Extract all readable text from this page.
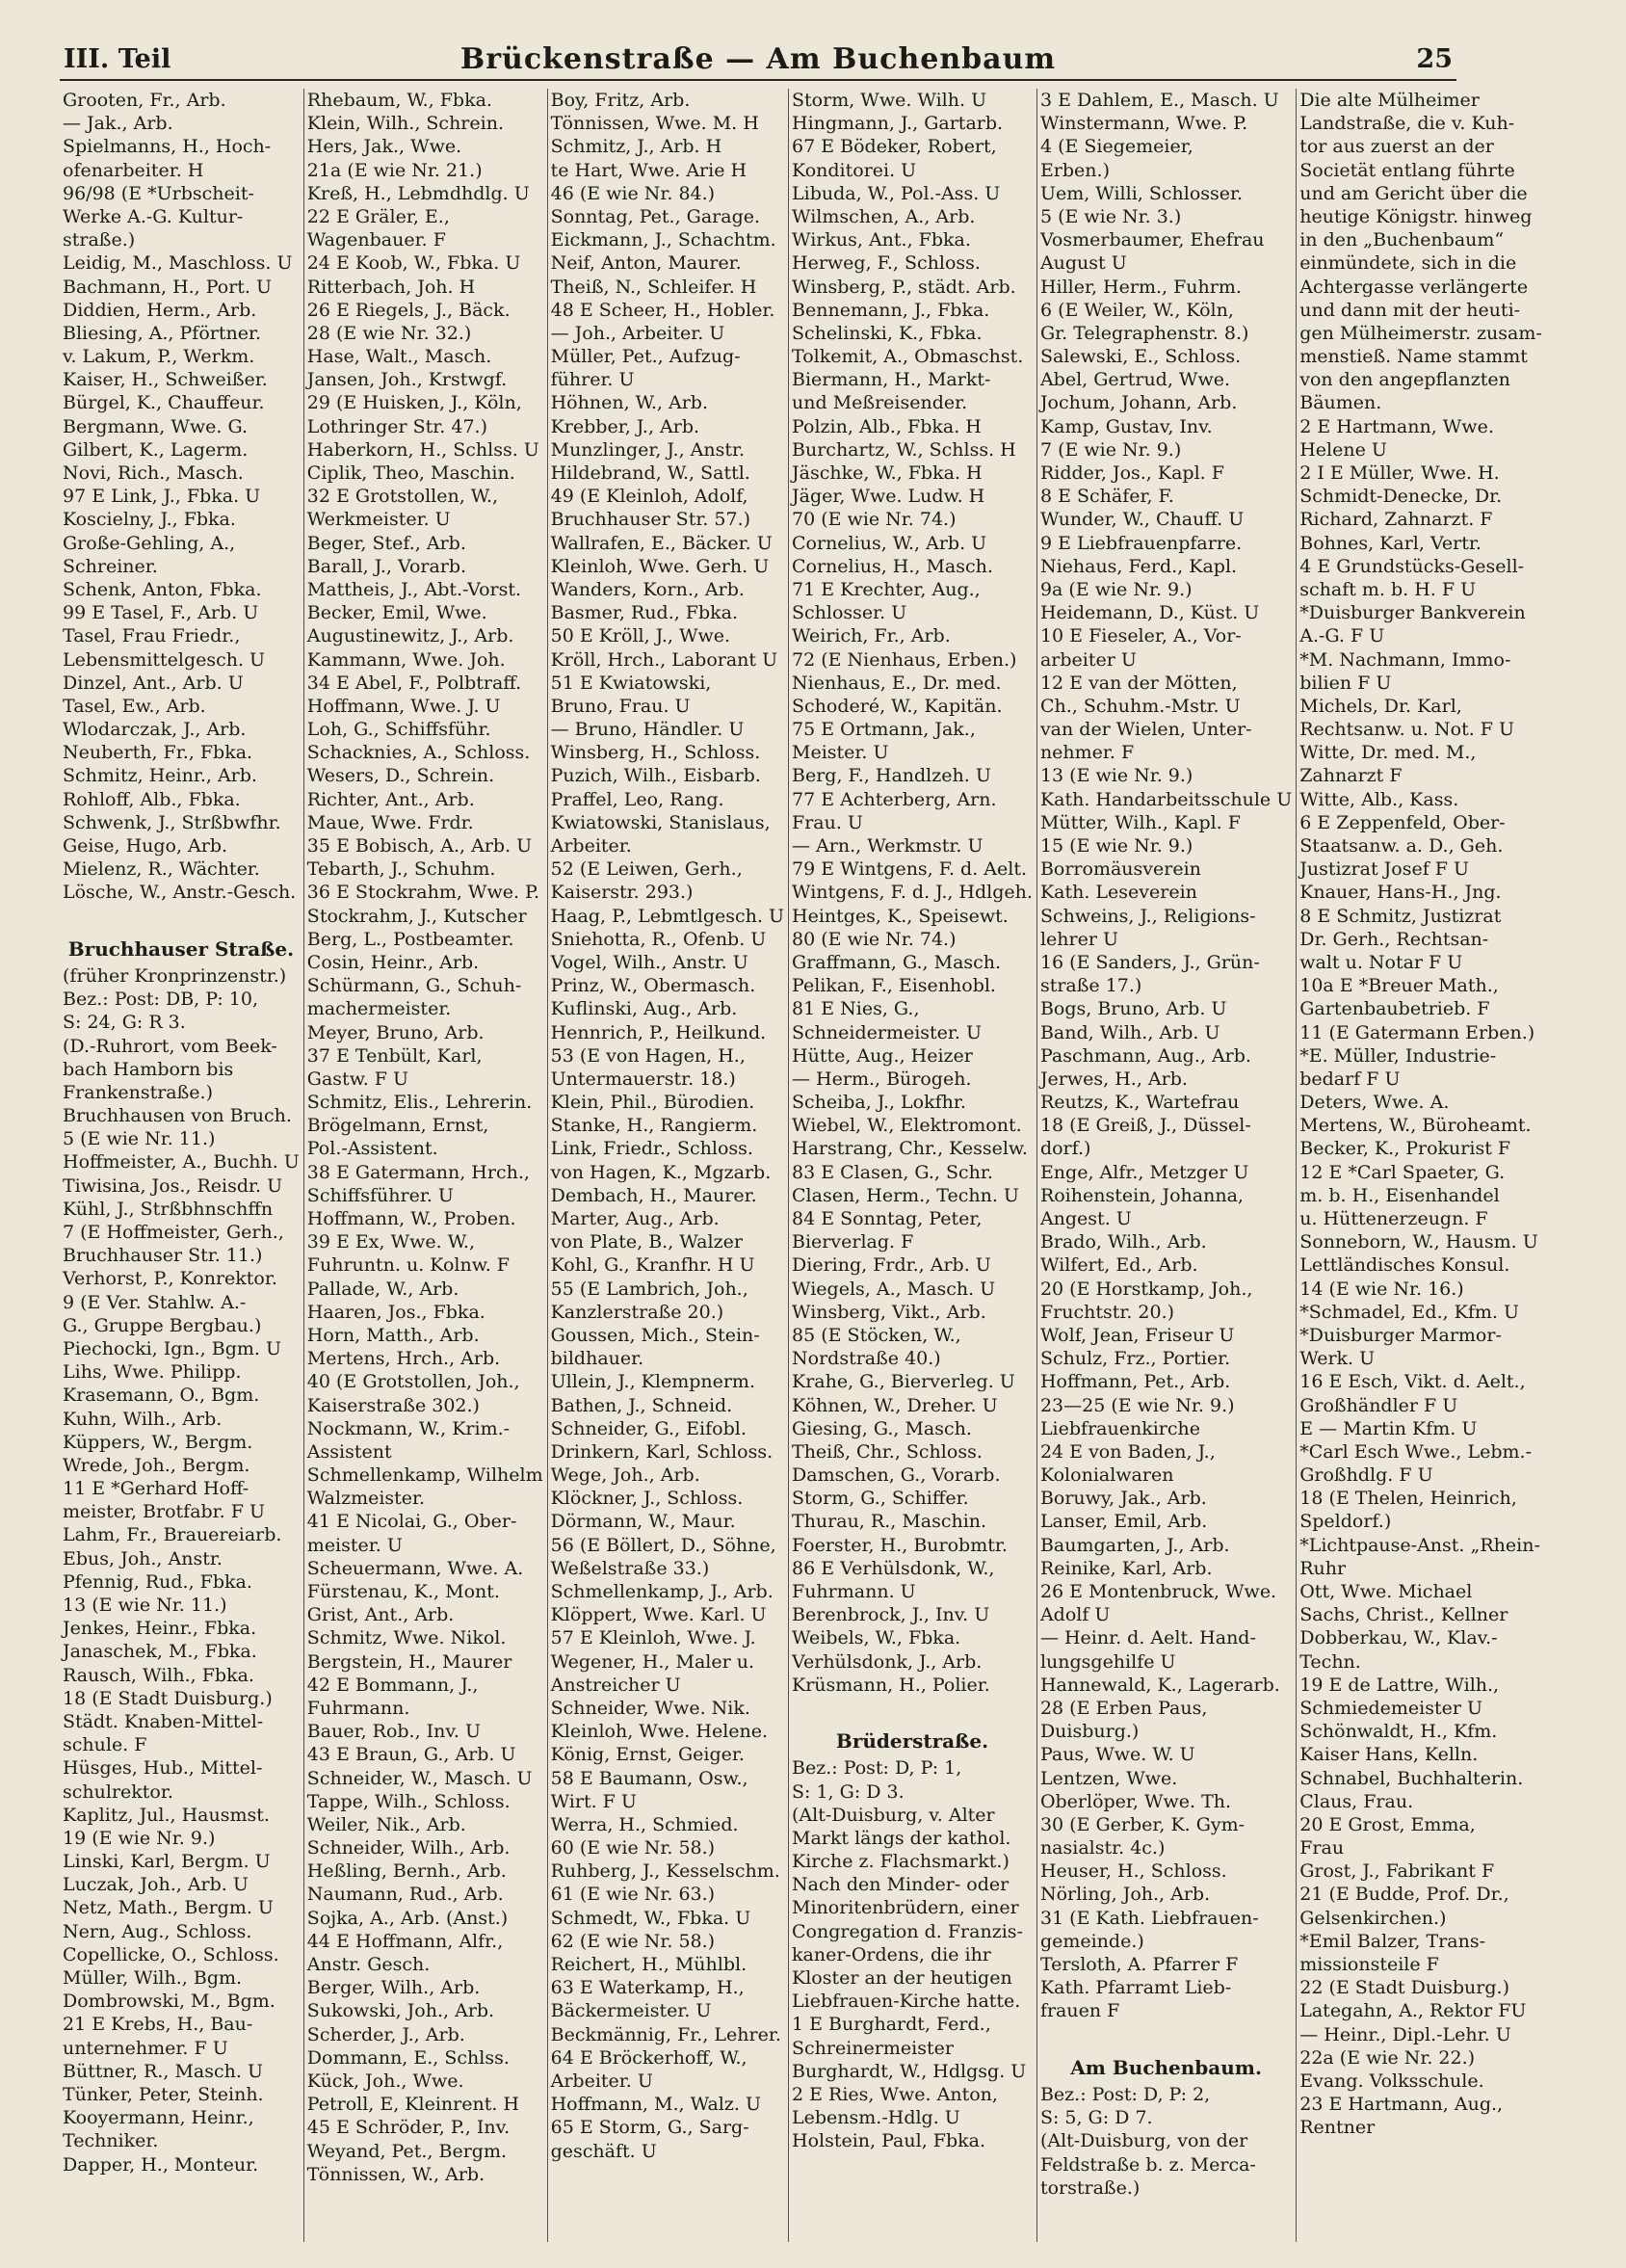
III. Teil	Brückenstraße — Am Buchenbaum	25
Grooten, Fr., Arb.
— Jak., Arb.
Spielmanns, H., Hoch-
ofenarbeiter. H
96/98 (E *Urbscheit-
Werke A.-G. Kultur-
straße.)
Leidig, M., Maschloss. U
Bachmann, H., Port. U
Diddien, Herm., Arb.
Bliesing, A., Pförtner.
v. Lakum, P., Werkm.
Kaiser, H., Schweißer.
Bürgel, K., Chauffeur.
Bergmann, Wwe. G.
Gilbert, K., Lagerm.
Novi, Rich., Masch.
97 E Link, J., Fbka. U
Koscielny, J., Fbka.
Große-Gehling, A.,
Schreiner.
Schenk, Anton, Fbka.
99 E Tasel, F., Arb. U
Tasel, Frau Friedr.,
Lebensmittelgesch. U
Dinzel, Ant., Arb. U
Tasel, Ew., Arb.
Wlodarczak, J., Arb.
Neuberth, Fr., Fbka.
Schmitz, Heinr., Arb.
Rohloff, Alb., Fbka.
Schwenk, J., Strßbwfhr.
Geise, Hugo, Arb.
Mielenz, R., Wächter.
Lösche, W., Anstr.-Gesch.
Bruchhauser Straße.
(früher Kronprinzenstr.)
Bez.: Post: DB, P: 10,
S: 24, G: R 3.
(D.-Ruhrort, vom Beek-
bach Hamborn bis
Frankenstraße.)
Bruchhausen von Bruch.
5 (E wie Nr. 11.)
Hoffmeister, A., Buchh. U
Tiwisina, Jos., Reisdr. U
Kühl, J., Strßbhnschffn
7 (E Hoffmeister, Gerh.,
Bruchhauser Str. 11.)
Verhorst, P., Konrektor.
9 (E Ver. Stahlw. A.-
G., Gruppe Bergbau.)
Piechocki, Ign., Bgm. U
Lihs, Wwe. Philipp.
Krasemann, O., Bgm.
Kuhn, Wilh., Arb.
Küppers, W., Bergm.
Wrede, Joh., Bergm.
11 E *Gerhard Hoff-
meister, Brotfabr. F U
Lahm, Fr., Brauereiarb.
Ebus, Joh., Anstr.
Pfennig, Rud., Fbka.
13 (E wie Nr. 11.)
Jenkes, Heinr., Fbka.
Janaschek, M., Fbka.
Rausch, Wilh., Fbka.
18 (E Stadt Duisburg.)
Städt. Knaben-Mittel-
schule. F
Hüsges, Hub., Mittel-
schulrektor.
Kaplitz, Jul., Hausmst.
19 (E wie Nr. 9.)
Linski, Karl, Bergm. U
Luczak, Joh., Arb. U
Netz, Math., Bergm. U
Nern, Aug., Schloss.
Copellicke, O., Schloss.
Müller, Wilh., Bgm.
Dombrowski, M., Bgm.
21 E Krebs, H., Bau-
unternehmer. F U
Büttner, R., Masch. U
Tünker, Peter, Steinh.
Kooyermann, Heinr.,
Techniker.
Dapper, H., Monteur.
Rhebaum, W., Fbka.
Klein, Wilh., Schrein.
Hers, Jak., Wwe.
21a (E wie Nr. 21.)
Kreß, H., Lebmdhdlg. U
22 E Gräler, E.,
Wagenbauer. F
24 E Koob, W., Fbka. U
Ritterbach, Joh. H
26 E Riegels, J., Bäck.
28 (E wie Nr. 32.)
Hase, Walt., Masch.
Jansen, Joh., Krstwgf.
29 (E Huisken, J., Köln,
Lothringer Str. 47.)
Haberkorn, H., Schlss. U
Ciplik, Theo, Maschin.
32 E Grotstollen, W.,
Werkmeister. U
Beger, Stef., Arb.
Barall, J., Vorarb.
Mattheis, J., Abt.-Vorst.
Becker, Emil, Wwe.
Augustinewitz, J., Arb.
Kammann, Wwe. Joh.
34 E Abel, F., Polbtraff.
Hoffmann, Wwe. J. U
Loh, G., Schiffsführ.
Schacknies, A., Schloss.
Wesers, D., Schrein.
Richter, Ant., Arb.
Maue, Wwe. Frdr.
35 E Bobisch, A., Arb. U
Tebarth, J., Schuhm.
36 E Stockrahm, Wwe. P.
Stockrahm, J., Kutscher
Berg, L., Postbeamter.
Cosin, Heinr., Arb.
Schürmann, G., Schuh-
machermeister.
Meyer, Bruno, Arb.
37 E Tenbült, Karl,
Gastw. F U
Schmitz, Elis., Lehrerin.
Brögelmann, Ernst,
Pol.-Assistent.
38 E Gatermann, Hrch.,
Schiffsführer. U
Hoffmann, W., Proben.
39 E Ex, Wwe. W.,
Fuhruntn. u. Kolnw. F
Pallade, W., Arb.
Haaren, Jos., Fbka.
Horn, Matth., Arb.
Mertens, Hrch., Arb.
40 (E Grotstollen, Joh.,
Kaiserstraße 302.)
Nockmann, W., Krim.-
Assistent
Schmellenkamp, Wilhelm
Walzmeister.
41 E Nicolai, G., Ober-
meister. U
Scheuermann, Wwe. A.
Fürstenau, K., Mont.
Grist, Ant., Arb.
Schmitz, Wwe. Nikol.
Bergstein, H., Maurer
42 E Bommann, J.,
Fuhrmann.
Bauer, Rob., Inv. U
43 E Braun, G., Arb. U
Schneider, W., Masch. U
Tappe, Wilh., Schloss.
Weiler, Nik., Arb.
Schneider, Wilh., Arb.
Heßling, Bernh., Arb.
Naumann, Rud., Arb.
Sojka, A., Arb. (Anst.)
44 E Hoffmann, Alfr.,
Anstr. Gesch.
Berger, Wilh., Arb.
Sukowski, Joh., Arb.
Scherder, J., Arb.
Dommann, E., Schlss.
Kück, Joh., Wwe.
Petroll, E, Kleinrent. H
45 E Schröder, P., Inv.
Weyand, Pet., Bergm.
Tönnissen, W., Arb.
Boy, Fritz, Arb.
Tönnissen, Wwe. M. H
Schmitz, J., Arb. H
te Hart, Wwe. Arie H
46 (E wie Nr. 84.)
Sonntag, Pet., Garage.
Eickmann, J., Schachtm.
Neif, Anton, Maurer.
Theiß, N., Schleifer. H
48 E Scheer, H., Hobler.
— Joh., Arbeiter. U
Müller, Pet., Aufzug-
führer. U
Höhnen, W., Arb.
Krebber, J., Arb.
Munzlinger, J., Anstr.
Hildebrand, W., Sattl.
49 (E Kleinloh, Adolf,
Bruchhauser Str. 57.)
Wallrafen, E., Bäcker. U
Kleinloh, Wwe. Gerh. U
Wanders, Korn., Arb.
Basmer, Rud., Fbka.
50 E Kröll, J., Wwe.
Kröll, Hrch., Laborant U
51 E Kwiatowski,
Bruno, Frau. U
— Bruno, Händler. U
Winsberg, H., Schloss.
Puzich, Wilh., Eisbarb.
Praffel, Leo, Rang.
Kwiatowski, Stanislaus,
Arbeiter.
52 (E Leiwen, Gerh.,
Kaiserstr. 293.)
Haag, P., Lebmtlgesch. U
Sniehotta, R., Ofenb. U
Vogel, Wilh., Anstr. U
Prinz, W., Obermasch.
Kuflinski, Aug., Arb.
Hennrich, P., Heilkund.
53 (E von Hagen, H.,
Untermauerstr. 18.)
Klein, Phil., Bürodien.
Stanke, H., Rangierm.
Link, Friedr., Schloss.
von Hagen, K., Mgzarb.
Dembach, H., Maurer.
Marter, Aug., Arb.
von Plate, B., Walzer
Kohl, G., Kranfhr. H U
55 (E Lambrich, Joh.,
Kanzlerstraße 20.)
Goussen, Mich., Stein-
bildhauer.
Ullein, J., Klempnerm.
Bathen, J., Schneid.
Schneider, G., Eifobl.
Drinkern, Karl, Schloss.
Wege, Joh., Arb.
Klöckner, J., Schloss.
Dörmann, W., Maur.
56 (E Böllert, D., Söhne,
Weßelstraße 33.)
Schmellenkamp, J., Arb.
Klöppert, Wwe. Karl. U
57 E Kleinloh, Wwe. J.
Wegener, H., Maler u.
Anstreicher U
Schneider, Wwe. Nik.
Kleinloh, Wwe. Helene.
König, Ernst, Geiger.
58 E Baumann, Osw.,
Wirt. F U
Werra, H., Schmied.
60 (E wie Nr. 58.)
Ruhberg, J., Kesselschm.
61 (E wie Nr. 63.)
Schmedt, W., Fbka. U
62 (E wie Nr. 58.)
Reichert, H., Mühlbl.
63 E Waterkamp, H.,
Bäckermeister. U
Beckmännig, Fr., Lehrer.
64 E Bröckerhoff, W.,
Arbeiter. U
Hoffmann, M., Walz. U
65 E Storm, G., Sarg-
geschäft. U
Storm, Wwe. Wilh. U
Hingmann, J., Gartarb.
67 E Bödeker, Robert,
Konditorei. U
Libuda, W., Pol.-Ass. U
Wilmschen, A., Arb.
Wirkus, Ant., Fbka.
Herweg, F., Schloss.
Winsberg, P., städt. Arb.
Bennemann, J., Fbka.
Schelinski, K., Fbka.
Tolkemit, A., Obmaschst.
Biermann, H., Markt-
und Meßreisender.
Polzin, Alb., Fbka. H
Burchartz, W., Schlss. H
Jäschke, W., Fbka. H
Jäger, Wwe. Ludw. H
70 (E wie Nr. 74.)
Cornelius, W., Arb. U
Cornelius, H., Masch.
71 E Krechter, Aug.,
Schlosser. U
Weirich, Fr., Arb.
72 (E Nienhaus, Erben.)
Nienhaus, E., Dr. med.
Schoderé, W., Kapitän.
75 E Ortmann, Jak.,
Meister. U
Berg, F., Handlzeh. U
77 E Achterberg, Arn.
Frau. U
— Arn., Werkmstr. U
79 E Wintgens, F. d. Aelt.
Wintgens, F. d. J., Hdlgeh.
Heintges, K., Speisewt.
80 (E wie Nr. 74.)
Graffmann, G., Masch.
Pelikan, F., Eisenhobl.
81 E Nies, G.,
Schneidermeister. U
Hütte, Aug., Heizer
— Herm., Bürogeh.
Scheiba, J., Lokfhr.
Wiebel, W., Elektromont.
Harstrang, Chr., Kesselw.
83 E Clasen, G., Schr.
Clasen, Herm., Techn. U
84 E Sonntag, Peter,
Bierverlag. F
Diering, Frdr., Arb. U
Wiegels, A., Masch. U
Winsberg, Vikt., Arb.
85 (E Stöcken, W.,
Nordstraße 40.)
Krahe, G., Bierverleg. U
Köhnen, W., Dreher. U
Giesing, G., Masch.
Theiß, Chr., Schloss.
Damschen, G., Vorarb.
Storm, G., Schiffer.
Thurau, R., Maschin.
Foerster, H., Burobmtr.
86 E Verhülsdonk, W.,
Fuhrmann. U
Berenbrock, J., Inv. U
Weibels, W., Fbka.
Verhülsdonk, J., Arb.
Krüsmann, H., Polier.
Brüderstraße.
Bez.: Post: D, P: 1,
S: 1, G: D 3.
(Alt-Duisburg, v. Alter
Markt längs der kathol.
Kirche z. Flachsmarkt.)
Nach den Minder- oder
Minoritenbrüdern, einer
Congregation d. Franzis-
kaner-Ordens, die ihr
Kloster an der heutigen
Liebfrauen-Kirche hatte.
1 E Burghardt, Ferd.,
Schreinermeister
Burghardt, W., Hdlgsg. U
2 E Ries, Wwe. Anton,
Lebensm.-Hdlg. U
Holstein, Paul, Fbka.
3 E Dahlem, E., Masch. U
Winstermann, Wwe. P.
4 (E Siegemeier,
Erben.)
Uem, Willi, Schlosser.
5 (E wie Nr. 3.)
Vosmerbaumer, Ehefrau
August U
Hiller, Herm., Fuhrm.
6 (E Weiler, W., Köln,
Gr. Telegraphenstr. 8.)
Salewski, E., Schloss.
Abel, Gertrud, Wwe.
Jochum, Johann, Arb.
Kamp, Gustav, Inv.
7 (E wie Nr. 9.)
Ridder, Jos., Kapl. F
8 E Schäfer, F.
Wunder, W., Chauff. U
9 E Liebfrauenpfarre.
Niehaus, Ferd., Kapl.
9a (E wie Nr. 9.)
Heidemann, D., Küst. U
10 E Fieseler, A., Vor-
arbeiter U
12 E van der Mötten,
Ch., Schuhm.-Mstr. U
van der Wielen, Unter-
nehmer. F
13 (E wie Nr. 9.)
Kath. Handarbeitsschule U
Mütter, Wilh., Kapl. F
15 (E wie Nr. 9.)
Borromäusverein
Kath. Leseverein
Schweins, J., Religions-
lehrer U
16 (E Sanders, J., Grün-
straße 17.)
Bogs, Bruno, Arb. U
Band, Wilh., Arb. U
Paschmann, Aug., Arb.
Jerwes, H., Arb.
Reutzs, K., Wartefrau
18 (E Greiß, J., Düssel-
dorf.)
Enge, Alfr., Metzger U
Roihenstein, Johanna,
Angest. U
Brado, Wilh., Arb.
Wilfert, Ed., Arb.
20 (E Horstkamp, Joh.,
Fruchtstr. 20.)
Wolf, Jean, Friseur U
Schulz, Frz., Portier.
Hoffmann, Pet., Arb.
23—25 (E wie Nr. 9.)
Liebfrauenkirche
24 E von Baden, J.,
Kolonialwaren
Boruwy, Jak., Arb.
Lanser, Emil, Arb.
Baumgarten, J., Arb.
Reinike, Karl, Arb.
26 E Montenbruck, Wwe.
Adolf U
— Heinr. d. Aelt. Hand-
lungsgehilfe U
Hannewald, K., Lagerarb.
28 (E Erben Paus,
Duisburg.)
Paus, Wwe. W. U
Lentzen, Wwe.
Oberlöper, Wwe. Th.
30 (E Gerber, K. Gym-
nasialstr. 4c.)
Heuser, H., Schloss.
Nörling, Joh., Arb.
31 (E Kath. Liebfrauen-
gemeinde.)
Tersloth, A. Pfarrer F
Kath. Pfarramt Lieb-
frauen F
Am Buchenbaum.
Bez.: Post: D, P: 2,
S: 5, G: D 7.
(Alt-Duisburg, von der
Feldstraße b. z. Merca-
torstraße.)
Die alte Mülheimer
Landstraße, die v. Kuh-
tor aus zuerst an der
Societät entlang führte
und am Gericht über die
heutige Königstr. hinweg
in den „Buchenbaum“
einmündete, sich in die
Achtergasse verlängerte
und dann mit der heuti-
gen Mülheimerstr. zusam-
menstieß. Name stammt
von den angepflanzten
Bäumen.
2 E Hartmann, Wwe.
Helene U
2 I E Müller, Wwe. H.
Schmidt-Denecke, Dr.
Richard, Zahnarzt. F
Bohnes, Karl, Vertr.
4 E Grundstücks-Gesell-
schaft m. b. H. F U
*Duisburger Bankverein
A.-G. F U
*M. Nachmann, Immo-
bilien F U
Michels, Dr. Karl,
Rechtsanw. u. Not. F U
Witte, Dr. med. M.,
Zahnarzt F
Witte, Alb., Kass.
6 E Zeppenfeld, Ober-
Staatsanw. a. D., Geh.
Justizrat Josef F U
Knauer, Hans-H., Jng.
8 E Schmitz, Justizrat
Dr. Gerh., Rechtsan-
walt u. Notar F U
10a E *Breuer Math.,
Gartenbaubetrieb. F
11 (E Gatermann Erben.)
*E. Müller, Industrie-
bedarf F U
Deters, Wwe. A.
Mertens, W., Büroheamt.
Becker, K., Prokurist F
12 E *Carl Spaeter, G.
m. b. H., Eisenhandel
u. Hüttenerzeugn. F
Sonneborn, W., Hausm. U
Lettländisches Konsul.
14 (E wie Nr. 16.)
*Schmadel, Ed., Kfm. U
*Duisburger Marmor-
Werk. U
16 E Esch, Vikt. d. Aelt.,
Großhändler F U
E — Martin Kfm. U
*Carl Esch Wwe., Lebm.-
Großhdlg. F U
18 (E Thelen, Heinrich,
Speldorf.)
*Lichtpause-Anst. „Rhein-
Ruhr
Ott, Wwe. Michael
Sachs, Christ., Kellner
Dobberkau, W., Klav.-
Techn.
19 E de Lattre, Wilh.,
Schmiedemeister U
Schönwaldt, H., Kfm.
Kaiser Hans, Kelln.
Schnabel, Buchhalterin.
Claus, Frau.
20 E Grost, Emma,
Frau
Grost, J., Fabrikant F
21 (E Budde, Prof. Dr.,
Gelsenkirchen.)
*Emil Balzer, Trans-
missionsteile F
22 (E Stadt Duisburg.)
Lategahn, A., Rektor FU
— Heinr., Dipl.-Lehr. U
22a (E wie Nr. 22.)
Evang. Volksschule.
23 E Hartmann, Aug.,
Rentner
